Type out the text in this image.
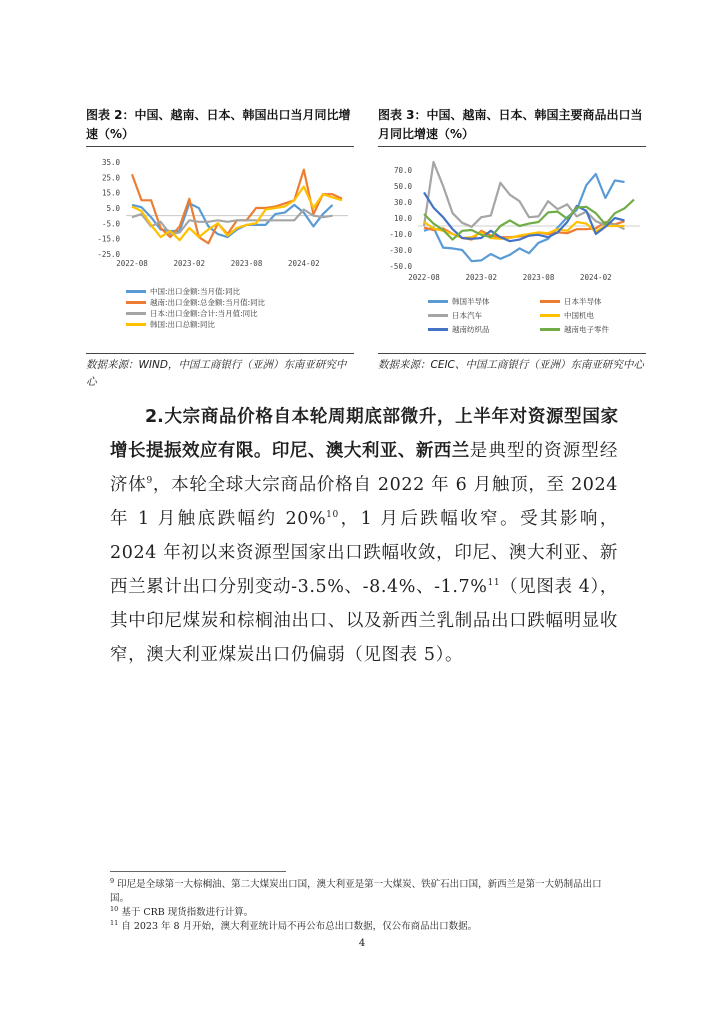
图表 2：中国、越南、日本、韩国出口当月同比增速（%）
图表 3：中国、越南、日本、韩国主要商品出口当月同比增速（%）
35.0
25.0
15.0
5.0
-5.0
-15.0
-25.0
2022-08	2023-02	2023-08	2024-02
中国:出口金额:当月值:同比
越南:出口金额:总金额:当月值:同比
日本:出口金额:合计:当月值:同比
韩国:出口总额:同比
70.0
50.0
30.0
10.0
-10.0
-30.0
-50.0
2022-08	2023-02	2023-08	2024-02
韩国半导体	日本半导体
日本汽车	中国机电
越南纺织品	越南电子零件
数据来源：WIND，中国工商银行（亚洲）东南亚研究中心
数据来源：CEIC、中国工商银行（亚洲）东南亚研究中心
2.大宗商品价格自本轮周期底部微升，上半年对资源型国家增长提振效应有限。印尼、澳大利亚、新西兰是典型的资源型经济体$^9$，本轮全球大宗商品价格自 2022 年 6 月触顶，至 2024 年 1 月触底跌幅约 20%$^{10}$，1 月后跌幅收窄。受其影响，2024 年初以来资源型国家出口跌幅收敛，印尼、澳大利亚、新西兰累计出口分别变动-3.5%、-8.4%、-1.7%$^{11}$（见图表 4），其中印尼煤炭和棕榈油出口、以及新西兰乳制品出口跌幅明显收窄，澳大利亚煤炭出口仍偏弱（见图表 5）。
$^9$ 印尼是全球第一大棕榈油、第二大煤炭出口国，澳大利亚是第一大煤炭、铁矿石出口国，新西兰是第一大奶制品出口国。
$^{10}$ 基于 CRB 现货指数进行计算。
$^{11}$ 自 2023 年 8 月开始，澳大利亚统计局不再公布总出口数据，仅公布商品出口数据。
4
